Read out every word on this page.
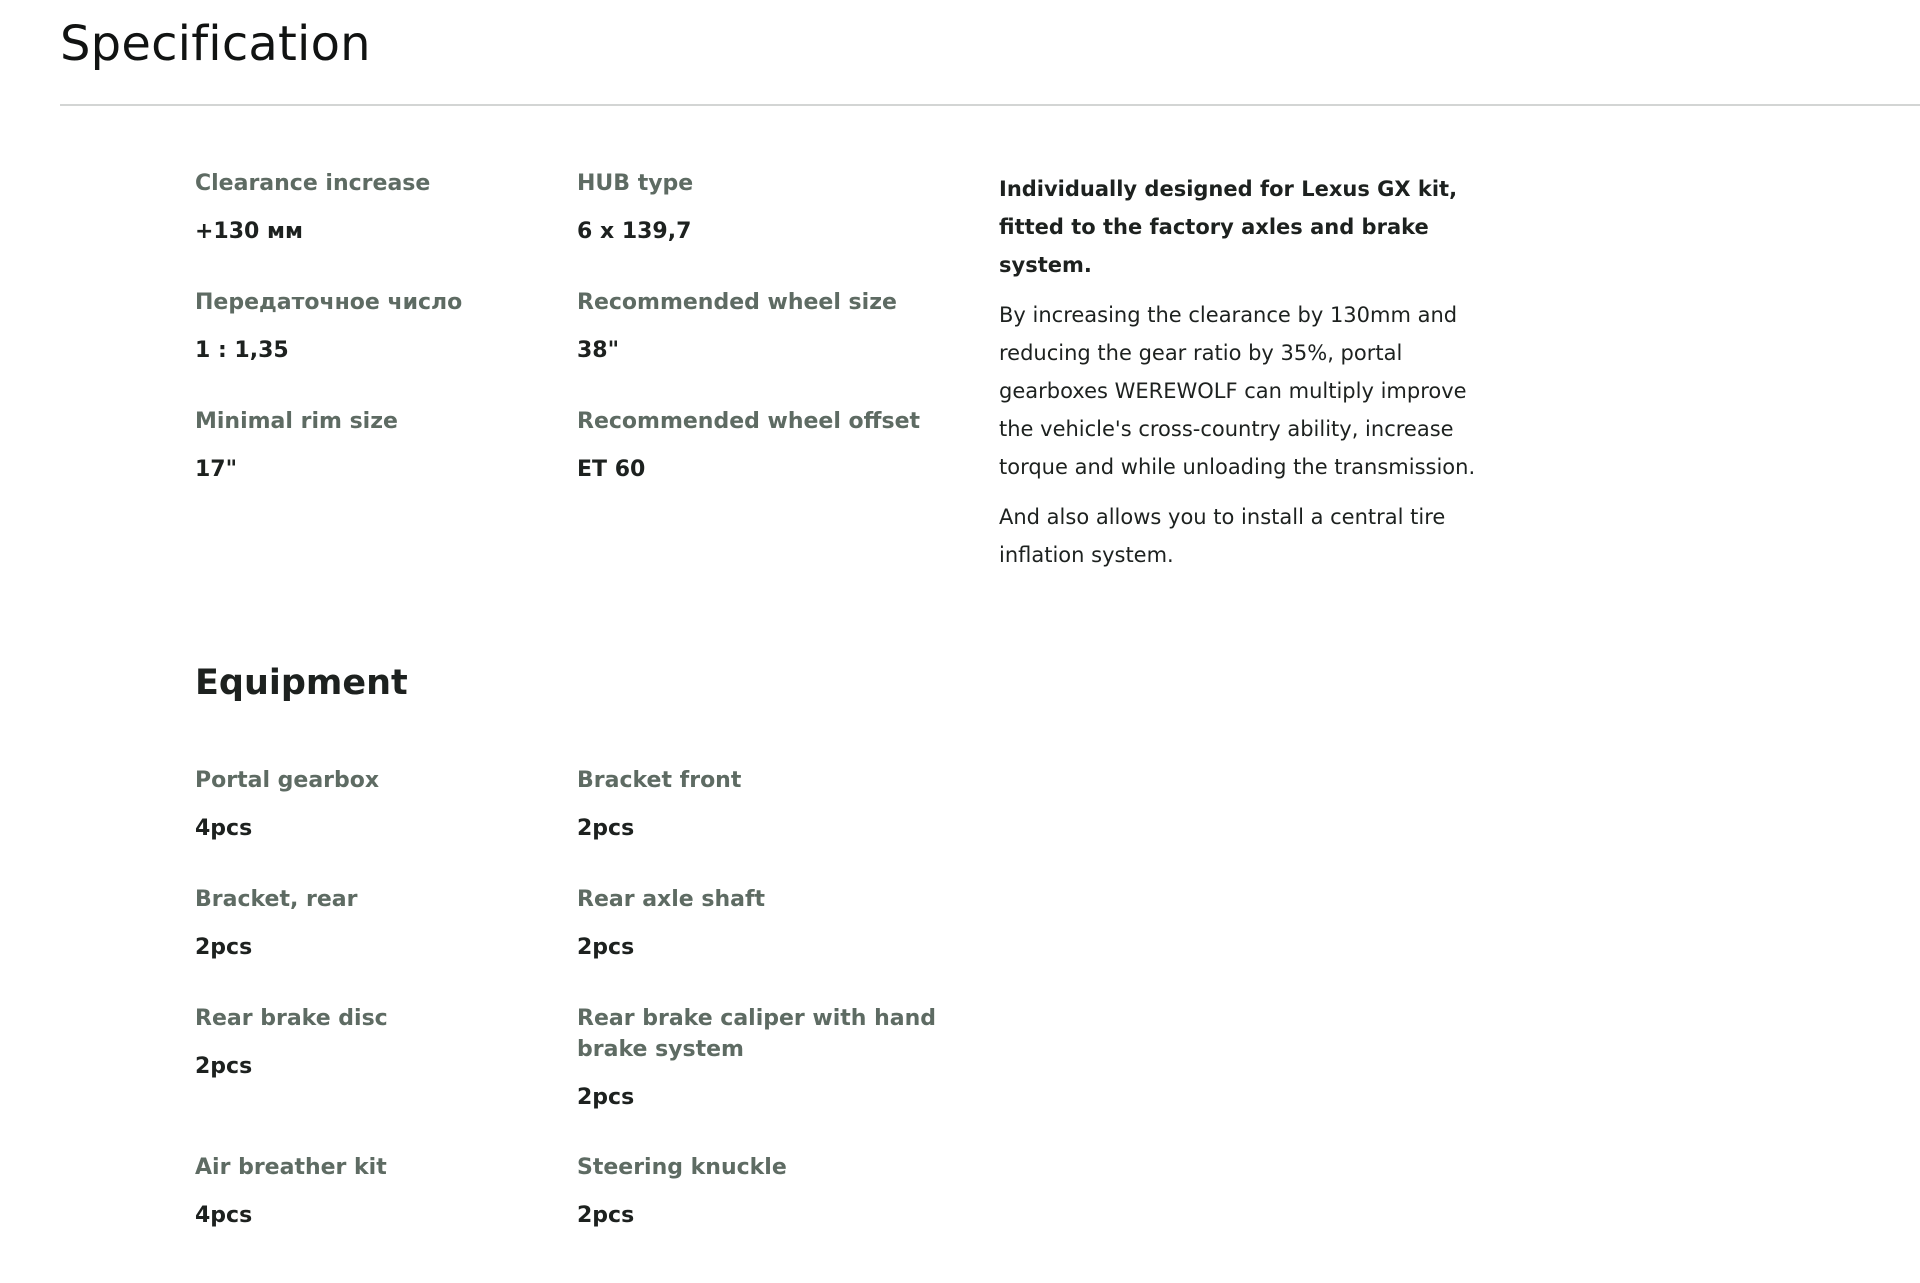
Specification
Clearance increase
+130 мм
HUB type
6 x 139,7
Передаточное число
1 : 1,35
Recommended wheel size
38"
Minimal rim size
17"
Recommended wheel offset
ET 60

Individually designed for Lexus GX kit, fitted to the factory axles and brake system.

By increasing the clearance by 130mm and reducing the gear ratio by 35%, portal gearboxes WEREWOLF can multiply improve the vehicle's cross-country ability, increase torque and while unloading the transmission.

And also allows you to install a central tire inflation system.

Equipment
Portal gearbox
4pcs
Bracket front
2pcs
Bracket, rear
2pcs
Rear axle shaft
2pcs
Rear brake disc
2pcs
Rear brake caliper with hand brake system
2pcs
Air breather kit
4pcs
Steering knuckle
2pcs
